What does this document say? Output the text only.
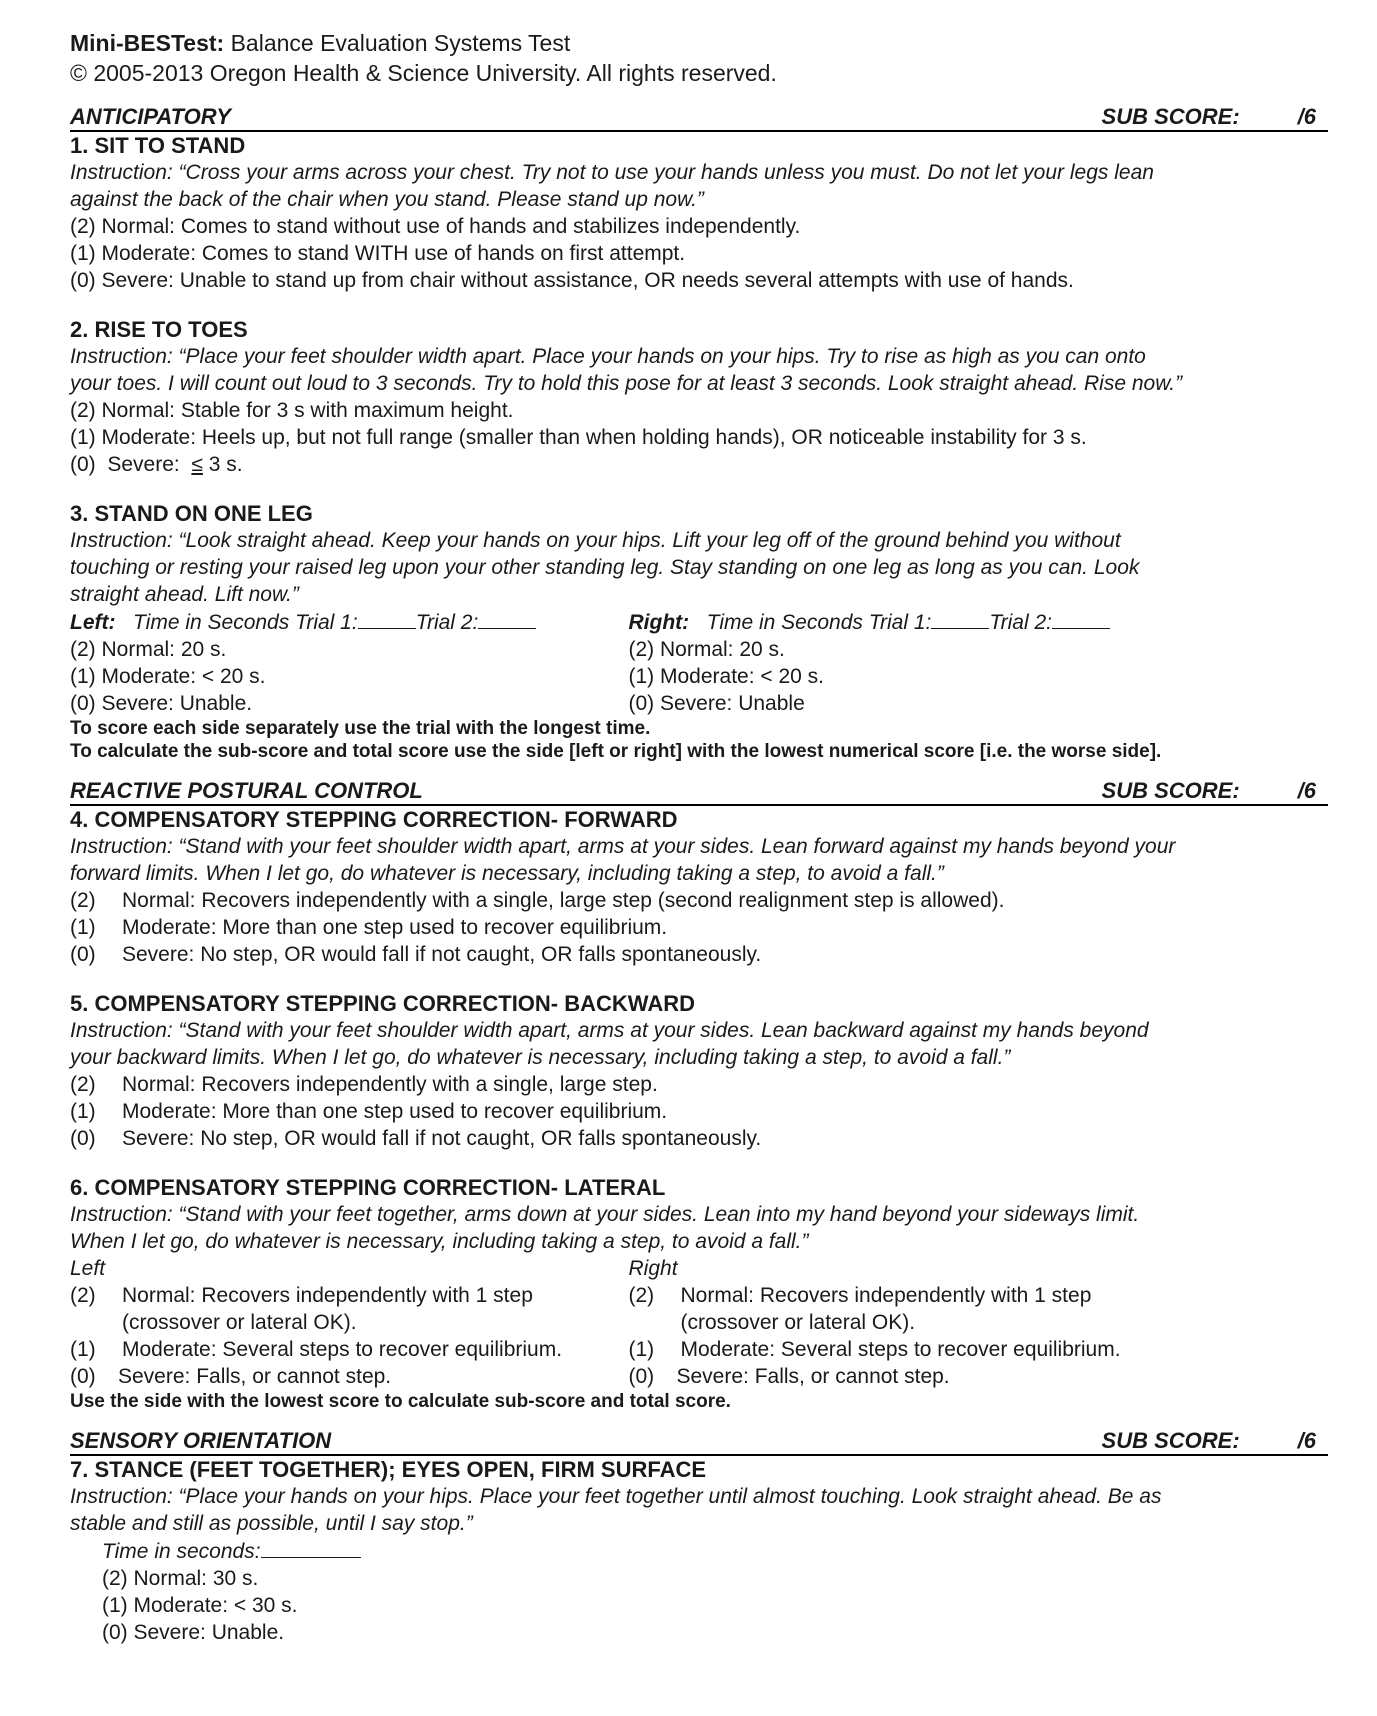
Mini-BESTest: Balance Evaluation Systems Test
© 2005-2013 Oregon Health & Science University. All rights reserved.
ANTICIPATORY	SUB SCORE:	/6
1. SIT TO STAND
Instruction: “Cross your arms across your chest. Try not to use your hands unless you must. Do not let your legs lean against the back of the chair when you stand. Please stand up now.”
(2) Normal: Comes to stand without use of hands and stabilizes independently.
(1) Moderate: Comes to stand WITH use of hands on first attempt.
(0) Severe: Unable to stand up from chair without assistance, OR needs several attempts with use of hands.
2. RISE TO TOES
Instruction: “Place your feet shoulder width apart. Place your hands on your hips. Try to rise as high as you can onto your toes. I will count out loud to 3 seconds. Try to hold this pose for at least 3 seconds. Look straight ahead. Rise now.”
(2) Normal: Stable for 3 s with maximum height.
(1) Moderate: Heels up, but not full range (smaller than when holding hands), OR noticeable instability for 3 s.
(0)  Severe:  ≤ 3 s.
3. STAND ON ONE LEG
Instruction: “Look straight ahead. Keep your hands on your hips. Lift your leg off of the ground behind you without touching or resting your raised leg upon your other standing leg. Stay standing on one leg as long as you can. Look straight ahead. Lift now.”
Left: Time in Seconds Trial 1:	Trial 2:
(2) Normal: 20 s.
(1) Moderate: < 20 s.
(0) Severe: Unable.
Right: Time in Seconds Trial 1:	Trial 2:
(2) Normal: 20 s.
(1) Moderate: < 20 s.
(0) Severe: Unable
To score each side separately use the trial with the longest time.
To calculate the sub-score and total score use the side [left or right] with the lowest numerical score [i.e. the worse side].
REACTIVE POSTURAL CONTROL	SUB SCORE:	/6
4. COMPENSATORY STEPPING CORRECTION- FORWARD
Instruction: “Stand with your feet shoulder width apart, arms at your sides. Lean forward against my hands beyond your forward limits. When I let go, do whatever is necessary, including taking a step, to avoid a fall.”
(2) Normal: Recovers independently with a single, large step (second realignment step is allowed).
(1) Moderate: More than one step used to recover equilibrium.
(0) Severe: No step, OR would fall if not caught, OR falls spontaneously.
5. COMPENSATORY STEPPING CORRECTION- BACKWARD
Instruction: “Stand with your feet shoulder width apart, arms at your sides. Lean backward against my hands beyond your backward limits. When I let go, do whatever is necessary, including taking a step, to avoid a fall.”
(2) Normal: Recovers independently with a single, large step.
(1) Moderate: More than one step used to recover equilibrium.
(0) Severe: No step, OR would fall if not caught, OR falls spontaneously.
6. COMPENSATORY STEPPING CORRECTION- LATERAL
Instruction: “Stand with your feet together, arms down at your sides. Lean into my hand beyond your sideways limit. When I let go, do whatever is necessary, including taking a step, to avoid a fall.”
Left
(2)	Normal: Recovers independently with 1 step (crossover or lateral OK).
(1) Moderate: Several steps to recover equilibrium.
(0) Severe: Falls, or cannot step.
Right
(2)	Normal: Recovers independently with 1 step (crossover or lateral OK).
(1) Moderate: Several steps to recover equilibrium.
(0) Severe: Falls, or cannot step.
Use the side with the lowest score to calculate sub-score and total score.
SENSORY ORIENTATION	SUB SCORE:	/6
7. STANCE (FEET TOGETHER); EYES OPEN, FIRM SURFACE
Instruction: “Place your hands on your hips. Place your feet together until almost touching. Look straight ahead. Be as stable and still as possible, until I say stop.”
Time in seconds:
(2) Normal: 30 s.
(1) Moderate: < 30 s.
(0) Severe: Unable.
